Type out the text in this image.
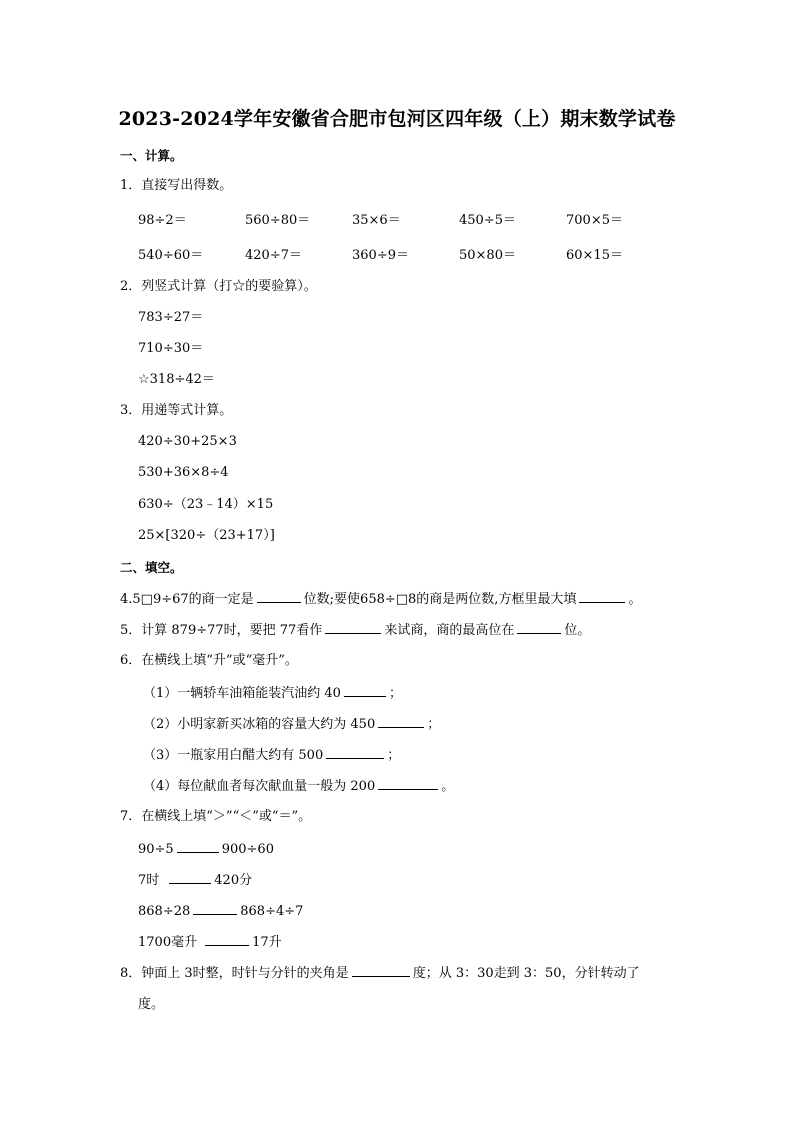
2023-2024学年安徽省合肥市包河区四年级（上）期末数学试卷
一、计算。
1．直接写出得数。
98÷2＝	560÷80＝	35×6＝	450÷5＝	700×5＝
540÷60＝	420÷7＝	360÷9＝	50×80＝	60×15＝
2．列竖式计算（打☆的要验算）。
783÷27＝
710÷30＝
☆318÷42＝
3．用递等式计算。
420÷30+25×3
530+36×8÷4
630÷（23﹣14）×15
25×[320÷（23+17）]
二、填空。
4.5□9÷67的商一定是	位数;要使658÷□8的商是两位数,方框里最大填	。
5．计算 879÷77时，要把 77看作	来试商，商的最高位在	位。
6．在横线上填“升”或“毫升”。
（1）一辆轿车油箱能装汽油约 40	；
（2）小明家新买冰箱的容量大约为 450	；
（3）一瓶家用白醋大约有 500	；
（4）每位献血者每次献血量一般为 200	。
7．在横线上填“＞”“＜”或“＝”。
90÷5	900÷60
7时	420分
868÷28	868÷4÷7
1700毫升	17升
8．钟面上 3时整，时针与分针的夹角是	度；从 3：30走到 3：50，分针转动了
度。
